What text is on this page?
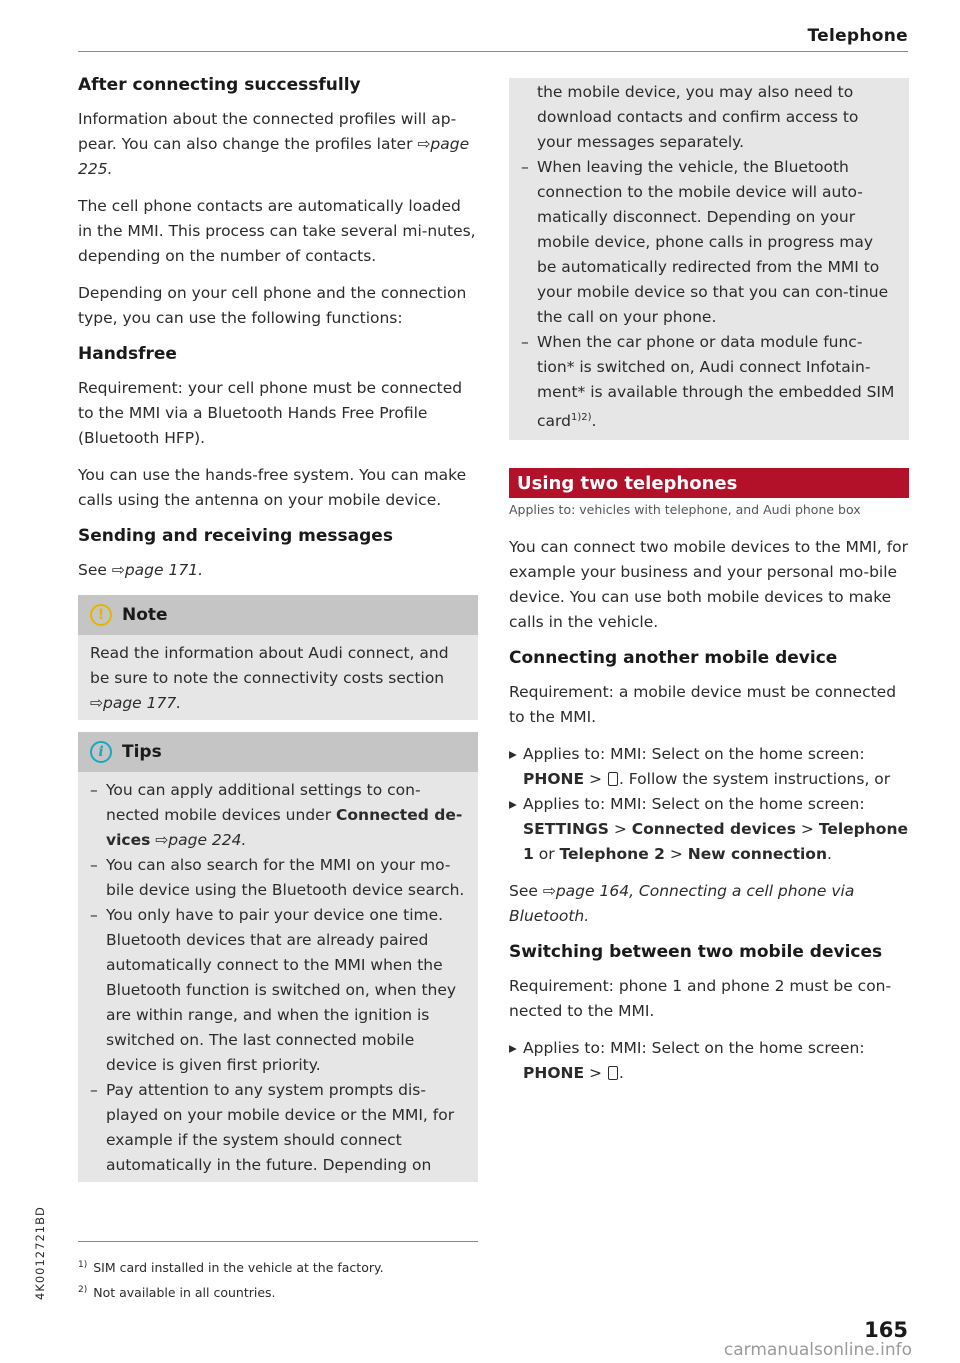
Telephone
After connecting successfully

Information about the connected profiles will ap-pear. You can also change the profiles later ⇨page 225.

The cell phone contacts are automatically loaded in the MMI. This process can take several mi-nutes, depending on the number of contacts.

Depending on your cell phone and the connection type, you can use the following functions:

Handsfree

Requirement: your cell phone must be connected to the MMI via a Bluetooth Hands Free Profile (Bluetooth HFP).

You can use the hands-free system. You can make calls using the antenna on your mobile device.

Sending and receiving messages

See ⇨page 171.

!	Note
Read the information about Audi connect, and be sure to note the connectivity costs section ⇨page 177.
i	Tips
– You can apply additional settings to con-nected mobile devices under Connected de-vices ⇨page 224.
– You can also search for the MMI on your mo-bile device using the Bluetooth device search.
– You only have to pair your device one time. Bluetooth devices that are already paired automatically connect to the MMI when the Bluetooth function is switched on, when they are within range, and when the ignition is switched on. The last connected mobile device is given first priority.
– Pay attention to any system prompts dis-played on your mobile device or the MMI, for example if the system should connect automatically in the future. Depending on

the mobile device, you may also need to download contacts and confirm access to your messages separately.

– When leaving the vehicle, the Bluetooth connection to the mobile device will auto-matically disconnect. Depending on your mobile device, phone calls in progress may be automatically redirected from the MMI to your mobile device so that you can con-tinue the call on your phone.
– When the car phone or data module func-tion* is switched on, Audi connect Infotain-ment* is available through the embedded SIM card$^{1)2)}$.
Using two telephones
Applies to: vehicles with telephone, and Audi phone box

You can connect two mobile devices to the MMI, for example your business and your personal mo-bile device. You can use both mobile devices to make calls in the vehicle.

Connecting another mobile device

Requirement: a mobile device must be connected to the MMI.

▸ Applies to: MMI: Select on the home screen: PHONE > . Follow the system instructions, or
▸ Applies to: MMI: Select on the home screen: SETTINGS > Connected devices > Telephone 1 or Telephone 2 > New connection.

See ⇨page 164, Connecting a cell phone via Bluetooth.

Switching between two mobile devices

Requirement: phone 1 and phone 2 must be con-nected to the MMI.

▸ Applies to: MMI: Select on the home screen: PHONE > .
$^{1)}$ SIM card installed in the vehicle at the factory.
$^{2)}$ Not available in all countries.
4K0012721BD
165
carmanualsonline.info
